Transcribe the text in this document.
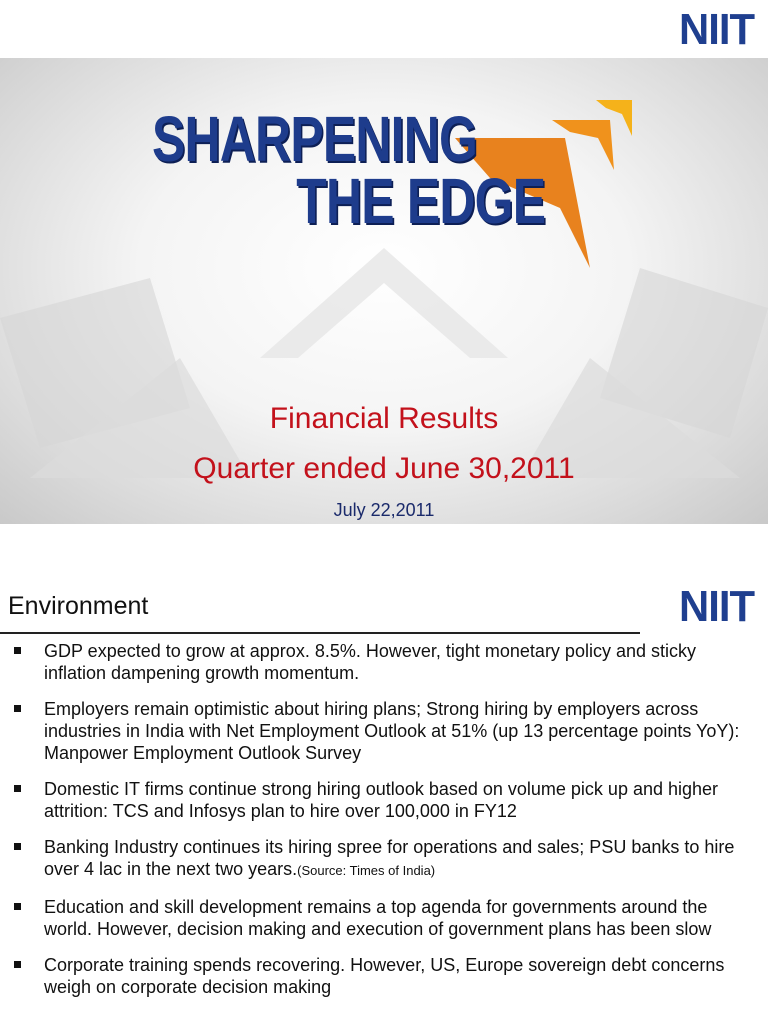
NIIT
SHARPENING
THE EDGE
Financial Results
Quarter ended June 30,2011
July 22,2011
Environment	NIIT
GDP expected to grow at approx. 8.5%. However, tight monetary policy and sticky inflation dampening growth momentum.
Employers remain optimistic about hiring plans; Strong hiring by employers across industries in India with Net Employment Outlook at 51% (up 13 percentage points YoY): Manpower Employment Outlook Survey
Domestic IT firms continue strong hiring outlook based on volume pick up and higher attrition: TCS and Infosys plan to hire over 100,000 in FY12
Banking Industry continues its hiring spree for operations and sales; PSU banks to hire over 4 lac in the next two years.(Source: Times of India)
Education and skill development remains a top agenda for governments around the world. However, decision making and execution of government plans has been slow
Corporate training spends recovering. However, US, Europe sovereign debt concerns weigh on corporate decision making
